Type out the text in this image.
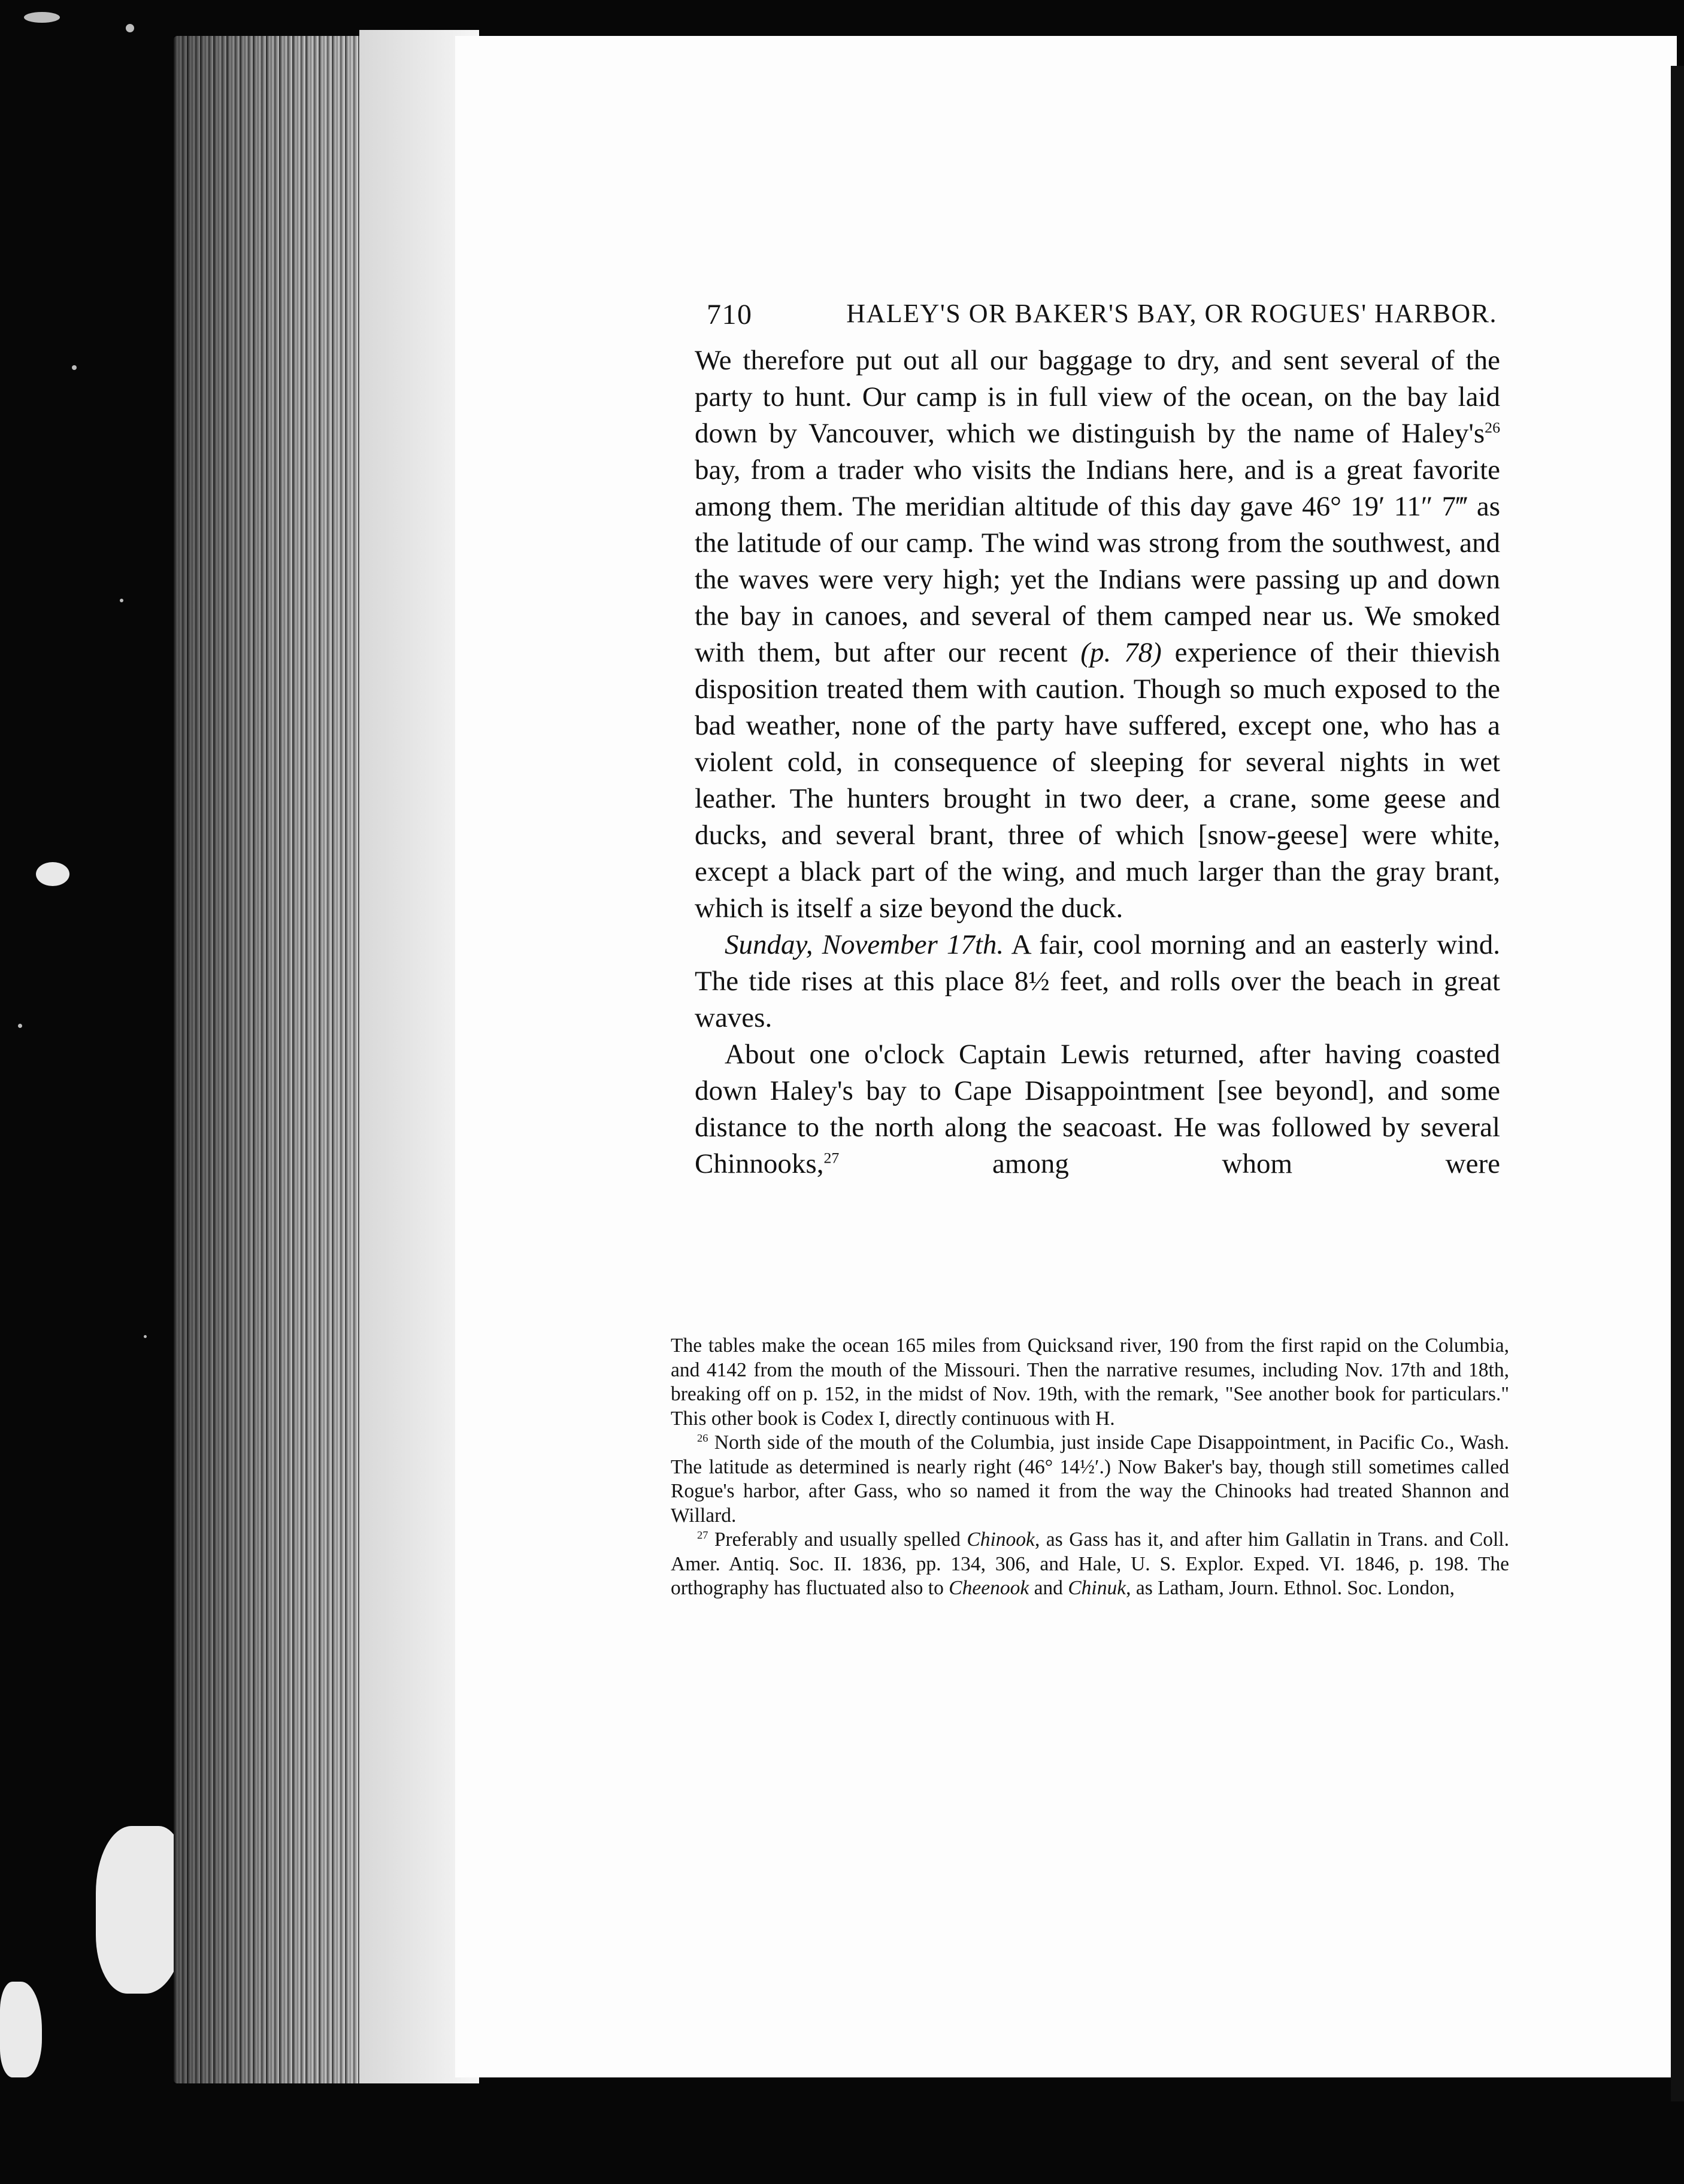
710	HALEY'S OR BAKER'S BAY, OR ROGUES' HARBOR.

We therefore put out all our baggage to dry, and sent several of the party to hunt. Our camp is in full view of the ocean, on the bay laid down by Vancouver, which we distinguish by the name of $Haley's^{26}$ bay, from a trader who visits the Indians here, and is a great favorite among them. The meridian altitude of this day gave 46° 19′ 11″ 7‴ as the latitude of our camp. The wind was strong from the southwest, and the waves were very high; yet the Indians were passing up and down the bay in canoes, and several of them camped near us. We smoked with them, but after our recent (p. 78) experience of their thievish disposition treated them with caution. Though so much exposed to the bad weather, none of the party have suffered, except one, who has a violent cold, in consequence of sleeping for several nights in wet leather. The hunters brought in two deer, a crane, some geese and ducks, and several brant, three of which [snow-geese] were white, except a black part of the wing, and much larger than the gray brant, which is itself a size beyond the duck.

Sunday, November 17th. A fair, cool morning and an easterly wind. The tide rises at this place 8½ feet, and rolls over the beach in great waves.

About one o'clock Captain Lewis returned, after having coasted down Haley's bay to Cape Disappointment [see beyond], and some distance to the north along the seacoast. He was followed by several Chinnooks,$^{27}$ among whom were

The tables make the ocean 165 miles from Quicksand river, 190 from the first rapid on the Columbia, and 4142 from the mouth of the Missouri. Then the narrative resumes, including Nov. 17th and 18th, breaking off on p. 152, in the midst of Nov. 19th, with the remark, "See another book for particulars." This other book is Codex I, directly continuous with H.

$^{26}$ North side of the mouth of the Columbia, just inside Cape Disappointment, in Pacific Co., Wash. The latitude as determined is nearly right (46° 14½′.) Now Baker's bay, though still sometimes called Rogue's harbor, after Gass, who so named it from the way the Chinooks had treated Shannon and Willard.

$^{27}$ Preferably and usually spelled Chinook, as Gass has it, and after him Gallatin in Trans. and Coll. Amer. Antiq. Soc. II. 1836, pp. 134, 306, and Hale, U. S. Explor. Exped. VI. 1846, p. 198. The orthography has fluctuated also to Cheenook and Chinuk, as Latham, Journ. Ethnol. Soc. London,
